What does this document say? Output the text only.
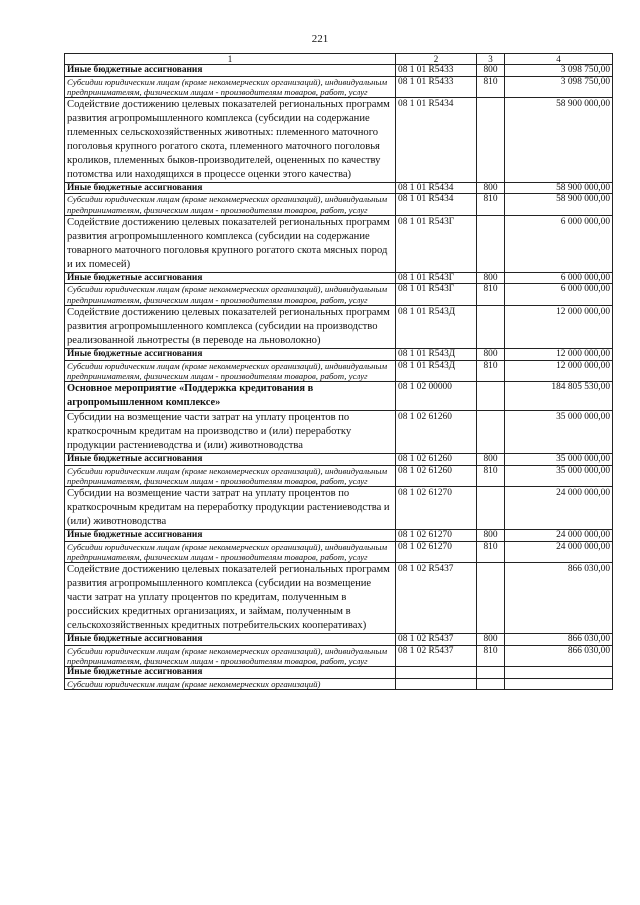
221
1	2	3	4
Иные бюджетные ассигнования	08 1 01 R5433	800	3 098 750,00
Субсидии юридическим лицам (кроме некоммерческих организаций), индивидуальным предпринимателям, физическим лицам - производителям товаров, работ, услуг	08 1 01 R5433	810	3 098 750,00
Содействие достижению целевых показателей региональных программ развития агропромышленного комплекса (субсидии на содержание племенных сельскохозяйственных животных: племенного маточного поголовья крупного рогатого скота, племенного маточного поголовья кроликов, племенных быков-производителей, оцененных по качеству потомства или находящихся в процессе оценки этого качества)	08 1 01 R5434		58 900 000,00
Иные бюджетные ассигнования	08 1 01 R5434	800	58 900 000,00
Субсидии юридическим лицам (кроме некоммерческих организаций), индивидуальным предпринимателям, физическим лицам - производителям товаров, работ, услуг	08 1 01 R5434	810	58 900 000,00
Содействие достижению целевых показателей региональных программ развития агропромышленного комплекса (субсидии на содержание товарного маточного поголовья крупного рогатого скота мясных пород и их помесей)	08 1 01 R543Г		6 000 000,00
Иные бюджетные ассигнования	08 1 01 R543Г	800	6 000 000,00
Субсидии юридическим лицам (кроме некоммерческих организаций), индивидуальным предпринимателям, физическим лицам - производителям товаров, работ, услуг	08 1 01 R543Г	810	6 000 000,00
Содействие достижению целевых показателей региональных программ развития агропромышленного комплекса (субсидии на производство реализованной льнотресты (в переводе на льноволокно)	08 1 01 R543Д		12 000 000,00
Иные бюджетные ассигнования	08 1 01 R543Д	800	12 000 000,00
Субсидии юридическим лицам (кроме некоммерческих организаций), индивидуальным предпринимателям, физическим лицам - производителям товаров, работ, услуг	08 1 01 R543Д	810	12 000 000,00
Основное мероприятие «Поддержка кредитования в агропромышленном комплексе»	08 1 02 00000		184 805 530,00
Субсидии на возмещение части затрат на уплату процентов по краткосрочным кредитам на производство и (или) переработку продукции растениеводства и (или) животноводства	08 1 02 61260		35 000 000,00
Иные бюджетные ассигнования	08 1 02 61260	800	35 000 000,00
Субсидии юридическим лицам (кроме некоммерческих организаций), индивидуальным предпринимателям, физическим лицам - производителям товаров, работ, услуг	08 1 02 61260	810	35 000 000,00
Субсидии на возмещение части затрат на уплату процентов по краткосрочным кредитам на переработку продукции растениеводства и (или) животноводства	08 1 02 61270		24 000 000,00
Иные бюджетные ассигнования	08 1 02 61270	800	24 000 000,00
Субсидии юридическим лицам (кроме некоммерческих организаций), индивидуальным предпринимателям, физическим лицам - производителям товаров, работ, услуг	08 1 02 61270	810	24 000 000,00
Содействие достижению целевых показателей региональных программ развития агропромышленного комплекса (субсидии на возмещение части затрат на уплату процентов по кредитам, полученным в российских кредитных организациях, и займам, полученным в сельскохозяйственных кредитных потребительских кооперативах)	08 1 02 R5437		866 030,00
Иные бюджетные ассигнования	08 1 02 R5437	800	866 030,00
Субсидии юридическим лицам (кроме некоммерческих организаций), индивидуальным предпринимателям, физическим лицам - производителям товаров, работ, услуг	08 1 02 R5437	810	866 030,00
Иные бюджетные ассигнования			
Субсидии юридическим лицам (кроме некоммерческих организаций)			
